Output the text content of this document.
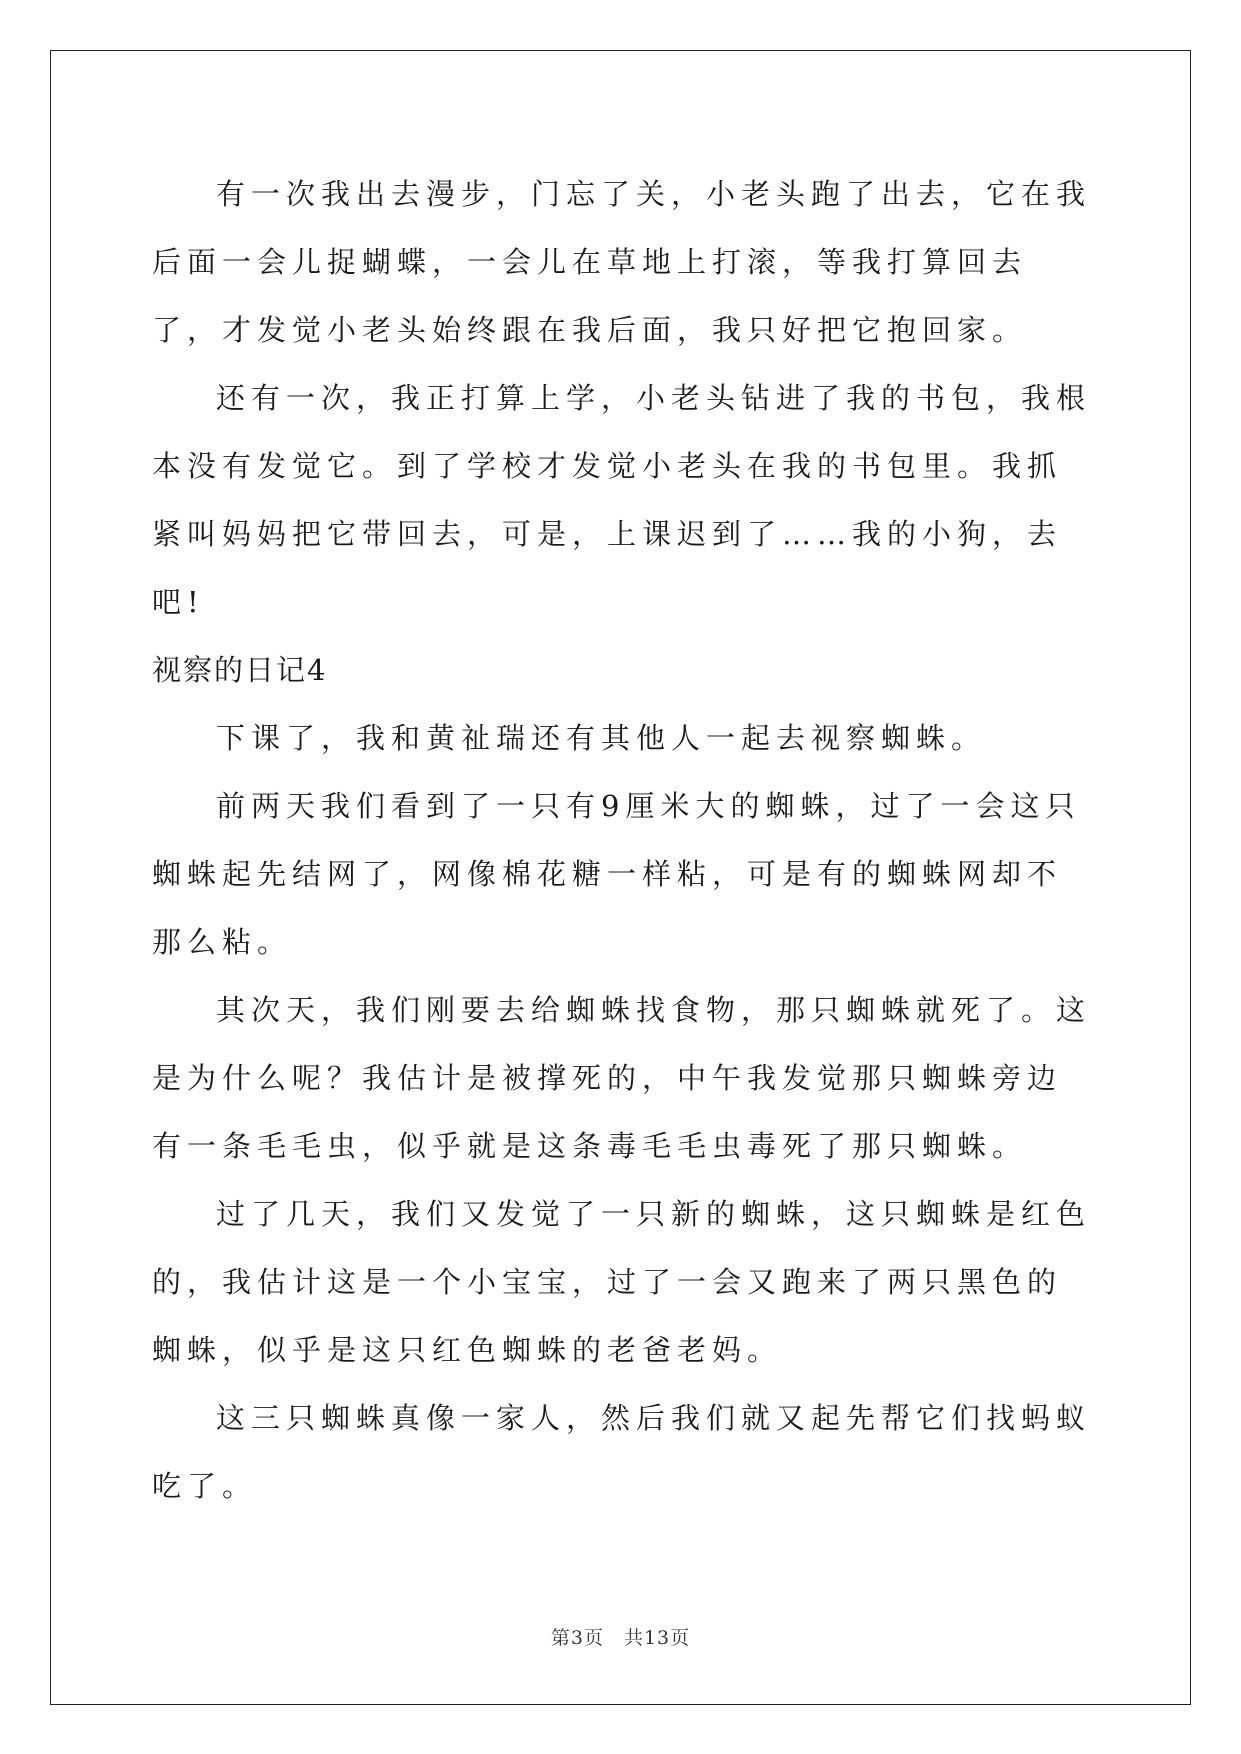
有一次我出去漫步，门忘了关，小老头跑了出去，它在我后面一会儿捉蝴蝶，一会儿在草地上打滚，等我打算回去了，才发觉小老头始终跟在我后面，我只好把它抱回家。

还有一次，我正打算上学，小老头钻进了我的书包，我根本没有发觉它。到了学校才发觉小老头在我的书包里。我抓紧叫妈妈把它带回去，可是，上课迟到了……我的小狗，去吧!

视察的日记4

下课了，我和黄祉瑞还有其他人一起去视察蜘蛛。

前两天我们看到了一只有9厘米大的蜘蛛，过了一会这只蜘蛛起先结网了，网像棉花糖一样粘，可是有的蜘蛛网却不那么粘。

其次天，我们刚要去给蜘蛛找食物，那只蜘蛛就死了。这是为什么呢？我估计是被撑死的，中午我发觉那只蜘蛛旁边有一条毛毛虫，似乎就是这条毒毛毛虫毒死了那只蜘蛛。

过了几天，我们又发觉了一只新的蜘蛛，这只蜘蛛是红色的，我估计这是一个小宝宝，过了一会又跑来了两只黑色的蜘蛛，似乎是这只红色蜘蛛的老爸老妈。

这三只蜘蛛真像一家人，然后我们就又起先帮它们找蚂蚁吃了。

第3页　共13页
